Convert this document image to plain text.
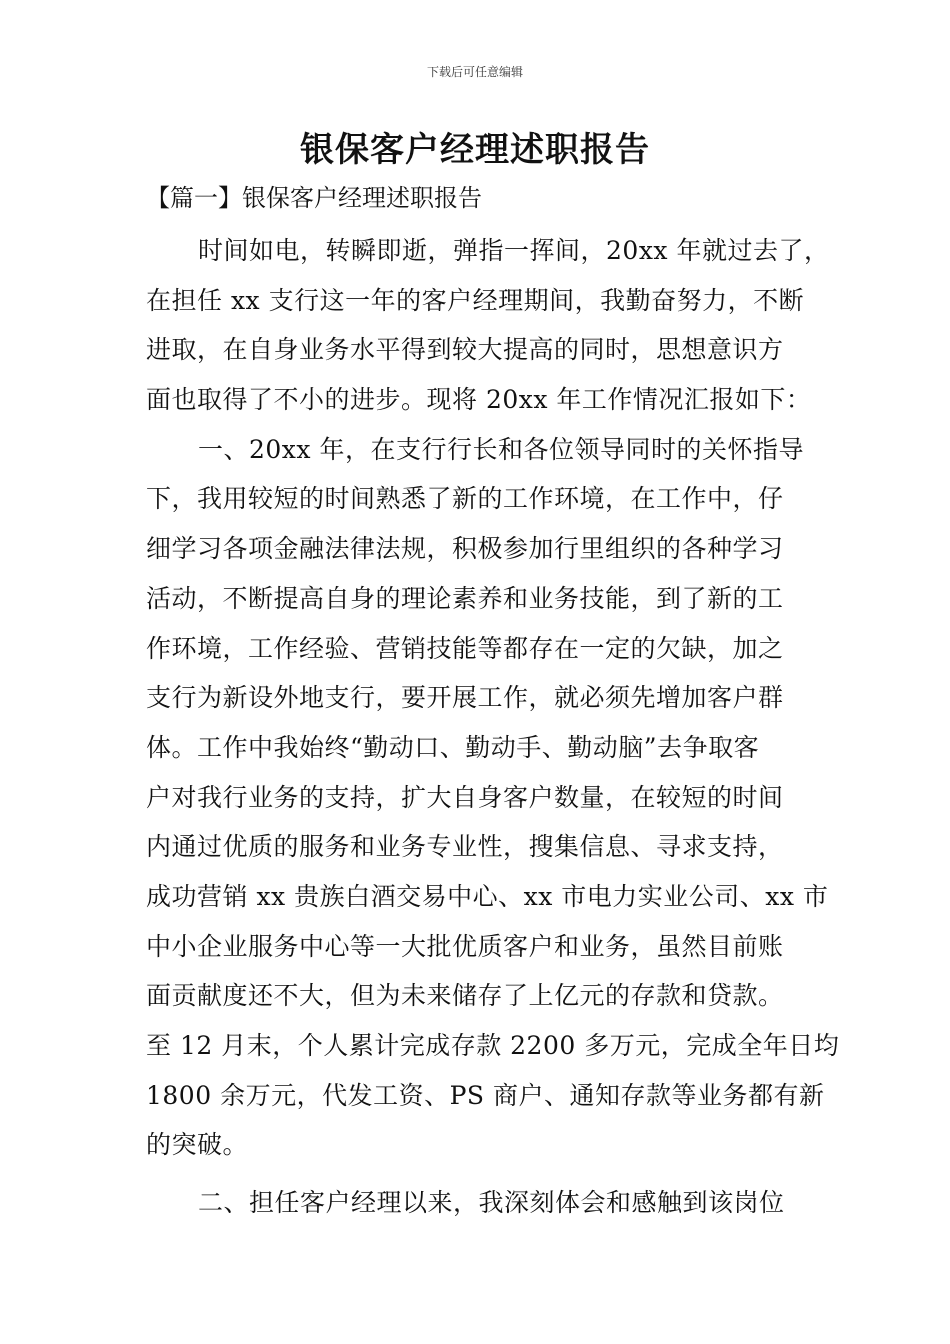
下载后可任意编辑
银保客户经理述职报告
【篇一】银保客户经理述职报告
时间如电，转瞬即逝，弹指一挥间，20xx 年就过去了，
在担任 xx 支行这一年的客户经理期间，我勤奋努力，不断
进取，在自身业务水平得到较大提高的同时，思想意识方
面也取得了不小的进步。现将 20xx 年工作情况汇报如下：
一、20xx 年，在支行行长和各位领导同时的关怀指导
下，我用较短的时间熟悉了新的工作环境，在工作中，仔
细学习各项金融法律法规，积极参加行里组织的各种学习
活动，不断提高自身的理论素养和业务技能，到了新的工
作环境，工作经验、营销技能等都存在一定的欠缺，加之
支行为新设外地支行，要开展工作，就必须先增加客户群
体。工作中我始终“勤动口、勤动手、勤动脑”去争取客
户对我行业务的支持，扩大自身客户数量，在较短的时间
内通过优质的服务和业务专业性，搜集信息、寻求支持，
成功营销 xx 贵族白酒交易中心、xx 市电力实业公司、xx 市
中小企业服务中心等一大批优质客户和业务，虽然目前账
面贡献度还不大，但为未来储存了上亿元的存款和贷款。
至 12 月末，个人累计完成存款 2200 多万元，完成全年日均
1800 余万元，代发工资、PS 商户、通知存款等业务都有新
的突破。
二、担任客户经理以来，我深刻体会和感触到该岗位
